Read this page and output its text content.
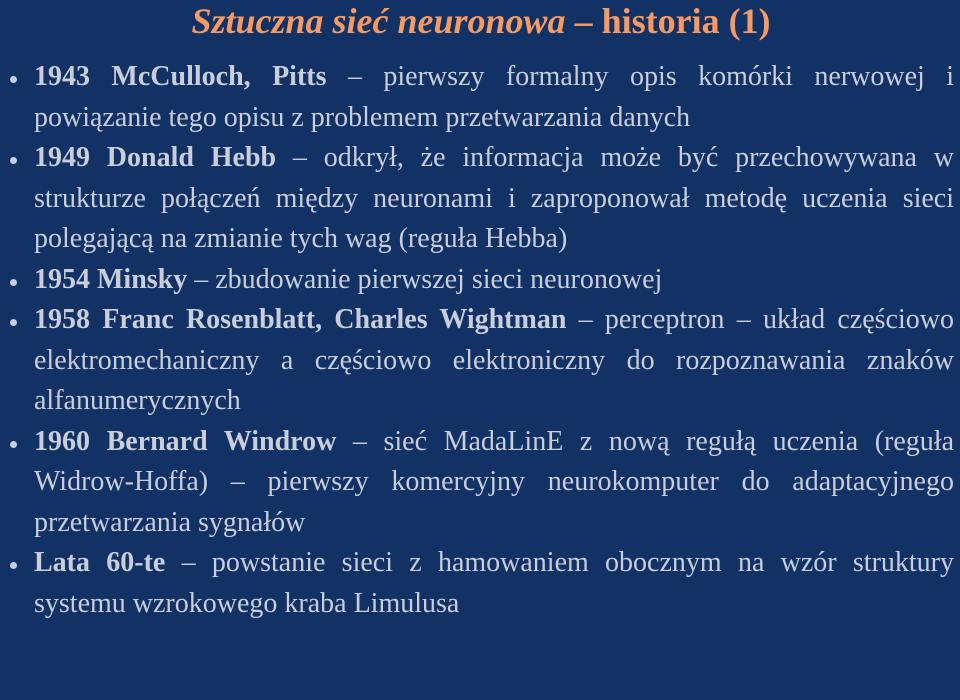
Sztuczna sieć neuronowa – historia (1)
1943 McCulloch, Pitts – pierwszy formalny opis komórki nerwowej i powiązanie tego opisu z problemem przetwarzania danych
1949 Donald Hebb – odkrył, że informacja może być przechowywana w strukturze połączeń między neuronami i zaproponował metodę uczenia sieci polegającą na zmianie tych wag (reguła Hebba)
1954 Minsky – zbudowanie pierwszej sieci neuronowej
1958 Franc Rosenblatt, Charles Wightman – perceptron – układ częściowo elektromechaniczny a częściowo elektroniczny do rozpoznawania znaków alfanumerycznych
1960 Bernard Windrow – sieć MadaLinE z nową regułą uczenia (reguła Widrow-Hoffa) – pierwszy komercyjny neurokomputer do adaptacyjnego przetwarzania sygnałów
Lata 60-te – powstanie sieci z hamowaniem obocznym na wzór struktury systemu wzrokowego kraba Limulusa
